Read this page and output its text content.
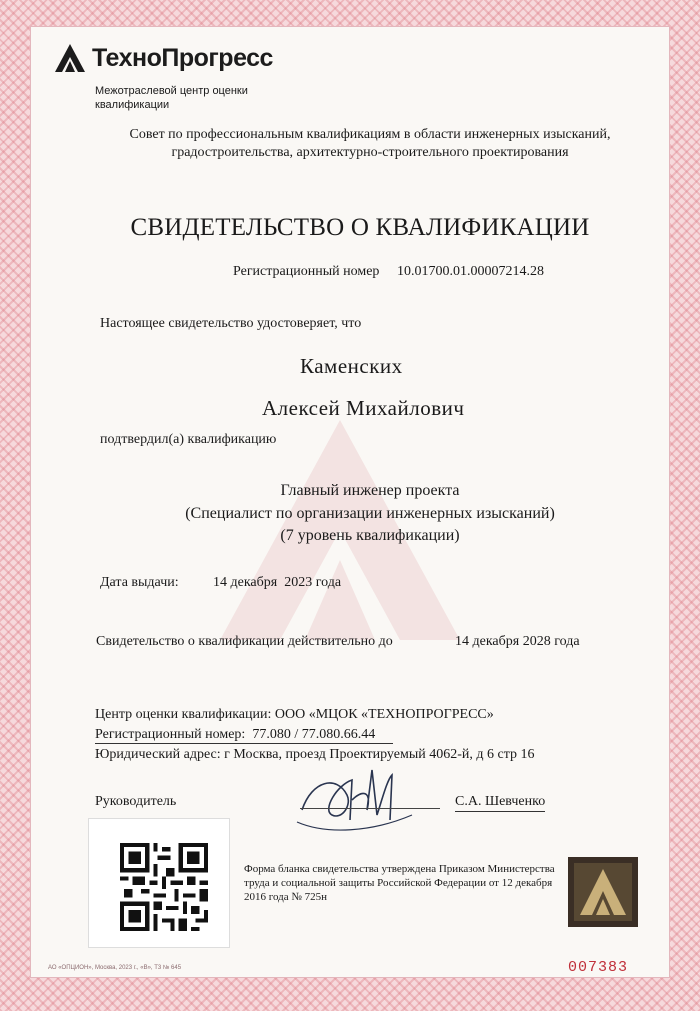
ТехноПрогресс
Межотраслевой центр оценки
квалификации
Совет по профессиональным квалификациям в области инженерных изысканий,
градостроительства, архитектурно-строительного проектирования
СВИДЕТЕЛЬСТВО О КВАЛИФИКАЦИИ
Регистрационный номер 10.01700.01.00007214.28
Настоящее свидетельство удостоверяет, что
Каменских
Алексей Михайлович
подтвердил(а) квалификацию
Главный инженер проекта
(Специалист по организации инженерных изысканий)
(7 уровень квалификации)
Дата выдачи: 14 декабря  2023 года
Свидетельство о квалификации действительно до	14 декабря 2028 года
Центр оценки квалификации: ООО «МЦОК «ТЕХНОПРОГРЕСС»
Регистрационный номер:  77.080 / 77.080.66.44
Юридический адрес: г Москва, проезд Проектируемый 4062-й, д 6 стр 16
Руководитель	С.А. Шевченко
Форма бланка свидетельства утверждена Приказом Министерства труда и социальной защиты Российской Федерации от 12 декабря 2016 года № 725н
АО «ОПЦИОН», Москва, 2023 г., «В», Т3 № 645	007383
